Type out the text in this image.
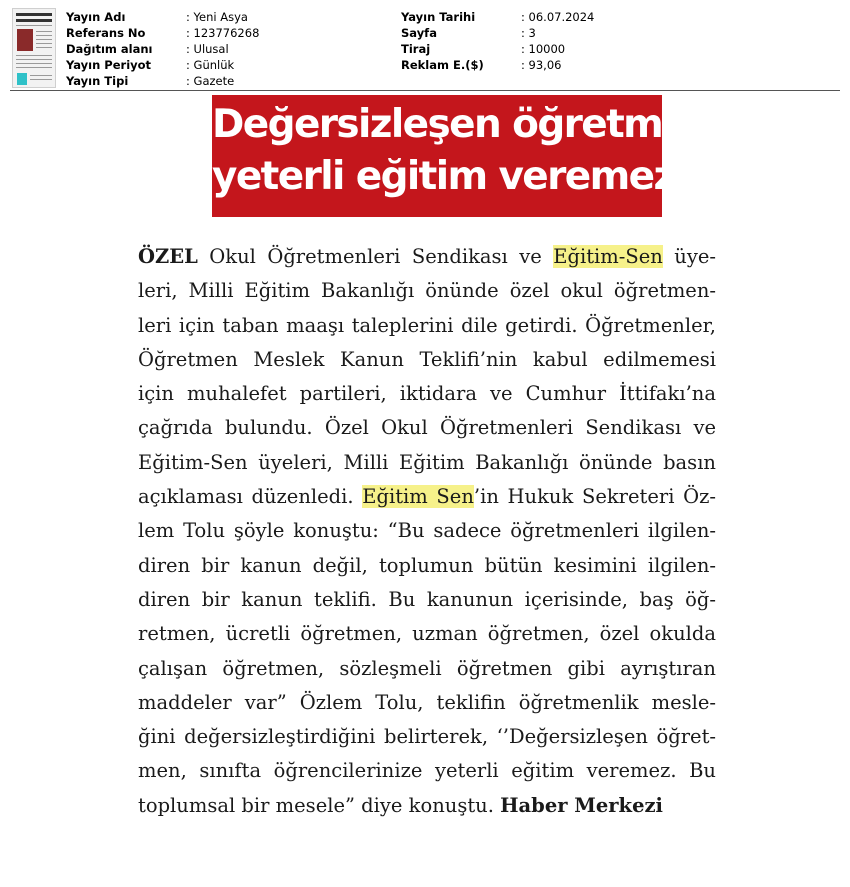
Yayın Adı	: Yeni Asya
Referans No	: 123776268
Dağıtım alanı	: Ulusal
Yayın Periyot	: Günlük
Yayın Tipi	: Gazete
Yayın Tarihi	: 06.07.2024
Sayfa	: 3
Tiraj	: 10000
Reklam E.($)	: 93,06
Değersizleşen öğretmen
yeterli eğitim veremez
ÖZEL Okul Öğretmenleri Sendikası ve Eğitim-Sen üye-
leri, Milli Eğitim Bakanlığı önünde özel okul öğretmen-
leri için taban maaşı taleplerini dile getirdi. Öğretmenler,
Öğretmen Meslek Kanun Teklifi’nin kabul edilmemesi
için muhalefet partileri, iktidara ve Cumhur İttifakı’na
çağrıda bulundu. Özel Okul Öğretmenleri Sendikası ve
Eğitim-Sen üyeleri, Milli Eğitim Bakanlığı önünde basın
açıklaması düzenledi. Eğitim Sen’in Hukuk Sekreteri Öz-
lem Tolu şöyle konuştu: “Bu sadece öğretmenleri ilgilen-
diren bir kanun değil, toplumun bütün kesimini ilgilen-
diren bir kanun teklifi. Bu kanunun içerisinde, baş öğ-
retmen, ücretli öğretmen, uzman öğretmen, özel okulda
çalışan öğretmen, sözleşmeli öğretmen gibi ayrıştıran
maddeler var” Özlem Tolu, teklifin öğretmenlik mesle-
ğini değersizleştirdiğini belirterek, ‘’Değersizleşen öğret-
men, sınıfta öğrencilerinize yeterli eğitim veremez. Bu
toplumsal bir mesele” diye konuştu. Haber Merkezi
